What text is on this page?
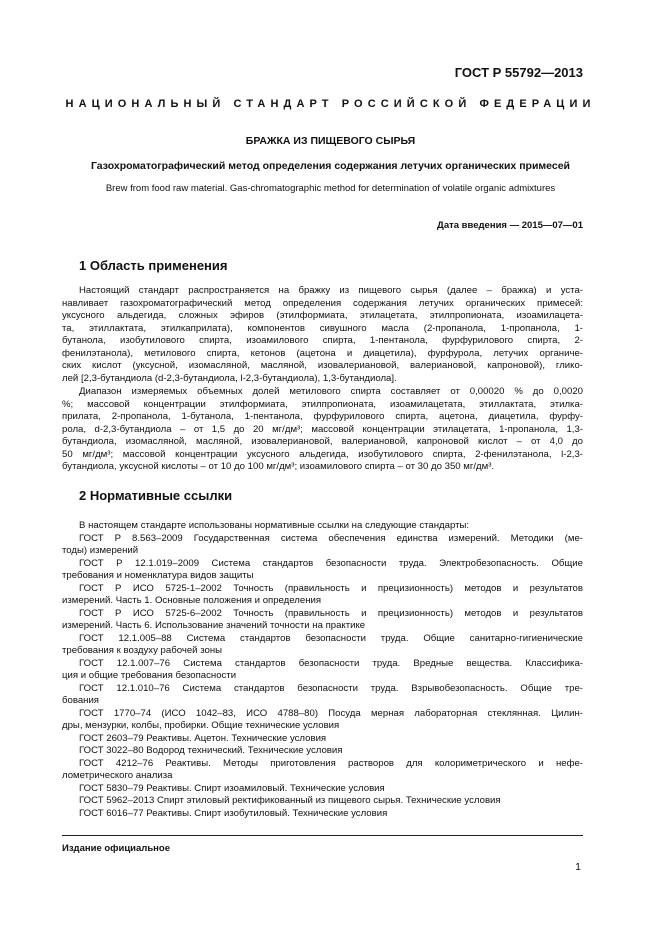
ГОСТ Р 55792—2013
НАЦИОНАЛЬНЫЙ СТАНДАРТ РОССИЙСКОЙ ФЕДЕРАЦИИ
БРАЖКА ИЗ ПИЩЕВОГО СЫРЬЯ
Газохроматографический метод определения содержания летучих органических примесей
Brew from food raw material. Gas-chromatographic method for determination of volatile organic admixtures
Дата введения — 2015—07—01
1 Область применения

Настоящий стандарт распространяется на бражку из пищевого сырья (далее – бражка) и уста-

навливает газохроматографический метод определения содержания летучих органических примесей:

уксусного альдегида, сложных эфиров (этилформиата, этилацетата, этилпропионата, изоамилацета-

та, этиллактата, этилкаприлата), компонентов сивушного масла (2-пропанола, 1-пропанола, 1-

бутанола, изобутилового спирта, изоамилового спирта, 1-пентанола, фурфурилового спирта, 2-

фенилэтанола), метилового спирта, кетонов (ацетона и диацетила), фурфурола, летучих органиче-

ских кислот (уксусной, изомасляной, масляной, изовалериановой, валериановой, капроновой), глико-

лей [2,3-бутандиола (d-2,3-бутандиола, l-2,3-бутандиола), 1,3-бутандиола].

Диапазон измеряемых объемных долей метилового спирта составляет от 0,00020 % до 0,0020

%; массовой концентрации этилформиата, этилпропионата, изоамилацетата, этиллактата, этилка-

прилата, 2-пропанола, 1-бутанола, 1-пентанола, фурфурилового спирта, ацетона, диацетила, фурфу-

рола, d-2,3-бутандиола – от 1,5 до 20 мг/дм³; массовой концентрации этилацетата, 1-пропанола, 1,3-

бутандиола, изомасляной, масляной, изовалериановой, валериановой, капроновой кислот – от 4,0 до

50 мг/дм³; массовой концентрации уксусного альдегида, изобутилового спирта, 2-фенилэтанола, l-2,3-

бутандиола, уксусной кислоты – от 10 до 100 мг/дм³; изоамилового спирта – от 30 до 350 мг/дм³.

2 Нормативные ссылки

В настоящем стандарте использованы нормативные ссылки на следующие стандарты:

ГОСТ Р 8.563–2009 Государственная система обеспечения единства измерений. Методики (ме-

тоды) измерений

ГОСТ Р 12.1.019–2009 Система стандартов безопасности труда. Электробезопасность. Общие

требования и номенклатура видов защиты

ГОСТ Р ИСО 5725-1–2002 Точность (правильность и прецизионность) методов и результатов

измерений. Часть 1. Основные положения и определения

ГОСТ Р ИСО 5725-6–2002 Точность (правильность и прецизионность) методов и результатов

измерений. Часть 6. Использование значений точности на практике

ГОСТ 12.1.005–88 Система стандартов безопасности труда. Общие санитарно-гигиенические

требования к воздуху рабочей зоны

ГОСТ 12.1.007–76 Система стандартов безопасности труда. Вредные вещества. Классифика-

ция и общие требования безопасности

ГОСТ 12.1.010–76 Система стандартов безопасности труда. Взрывобезопасность. Общие тре-

бования

ГОСТ 1770–74 (ИСО 1042–83, ИСО 4788–80) Посуда мерная лабораторная стеклянная. Цилин-

дры, мензурки, колбы, пробирки. Общие технические условия

ГОСТ 2603–79 Реактивы. Ацетон. Технические условия

ГОСТ 3022–80 Водород технический. Технические условия

ГОСТ 4212–76 Реактивы. Методы приготовления растворов для колориметрического и нефе-

лометрического анализа

ГОСТ 5830–79 Реактивы. Спирт изоамиловый. Технические условия

ГОСТ 5962–2013 Спирт этиловый ректификованный из пищевого сырья. Технические условия

ГОСТ 6016–77 Реактивы. Спирт изобутиловый. Технические условия

Издание официальное
1
